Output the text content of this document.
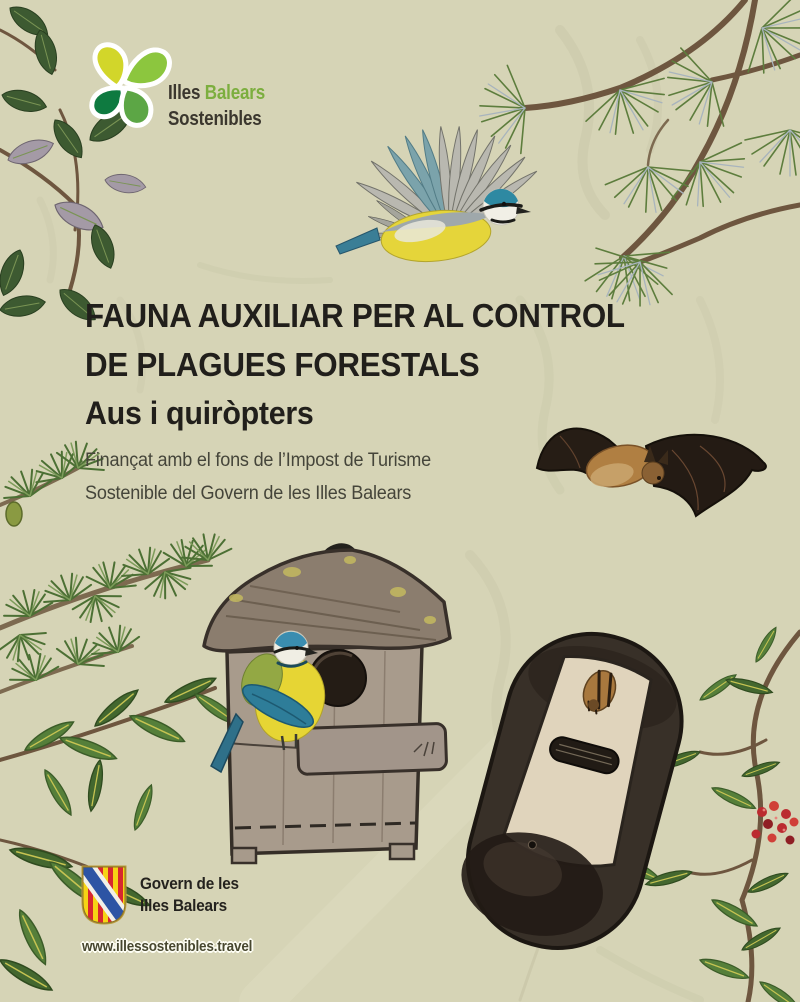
Illes Balears
Sostenibles
FAUNA AUXILIAR PER AL CONTROL
DE PLAGUES FORESTALS
Aus i quiròpters
Finançat amb el fons de l’Impost de Turisme
Sostenible del Govern de les Illes Balears
Govern de les
Illes Balears
www.illessostenibles.travel
